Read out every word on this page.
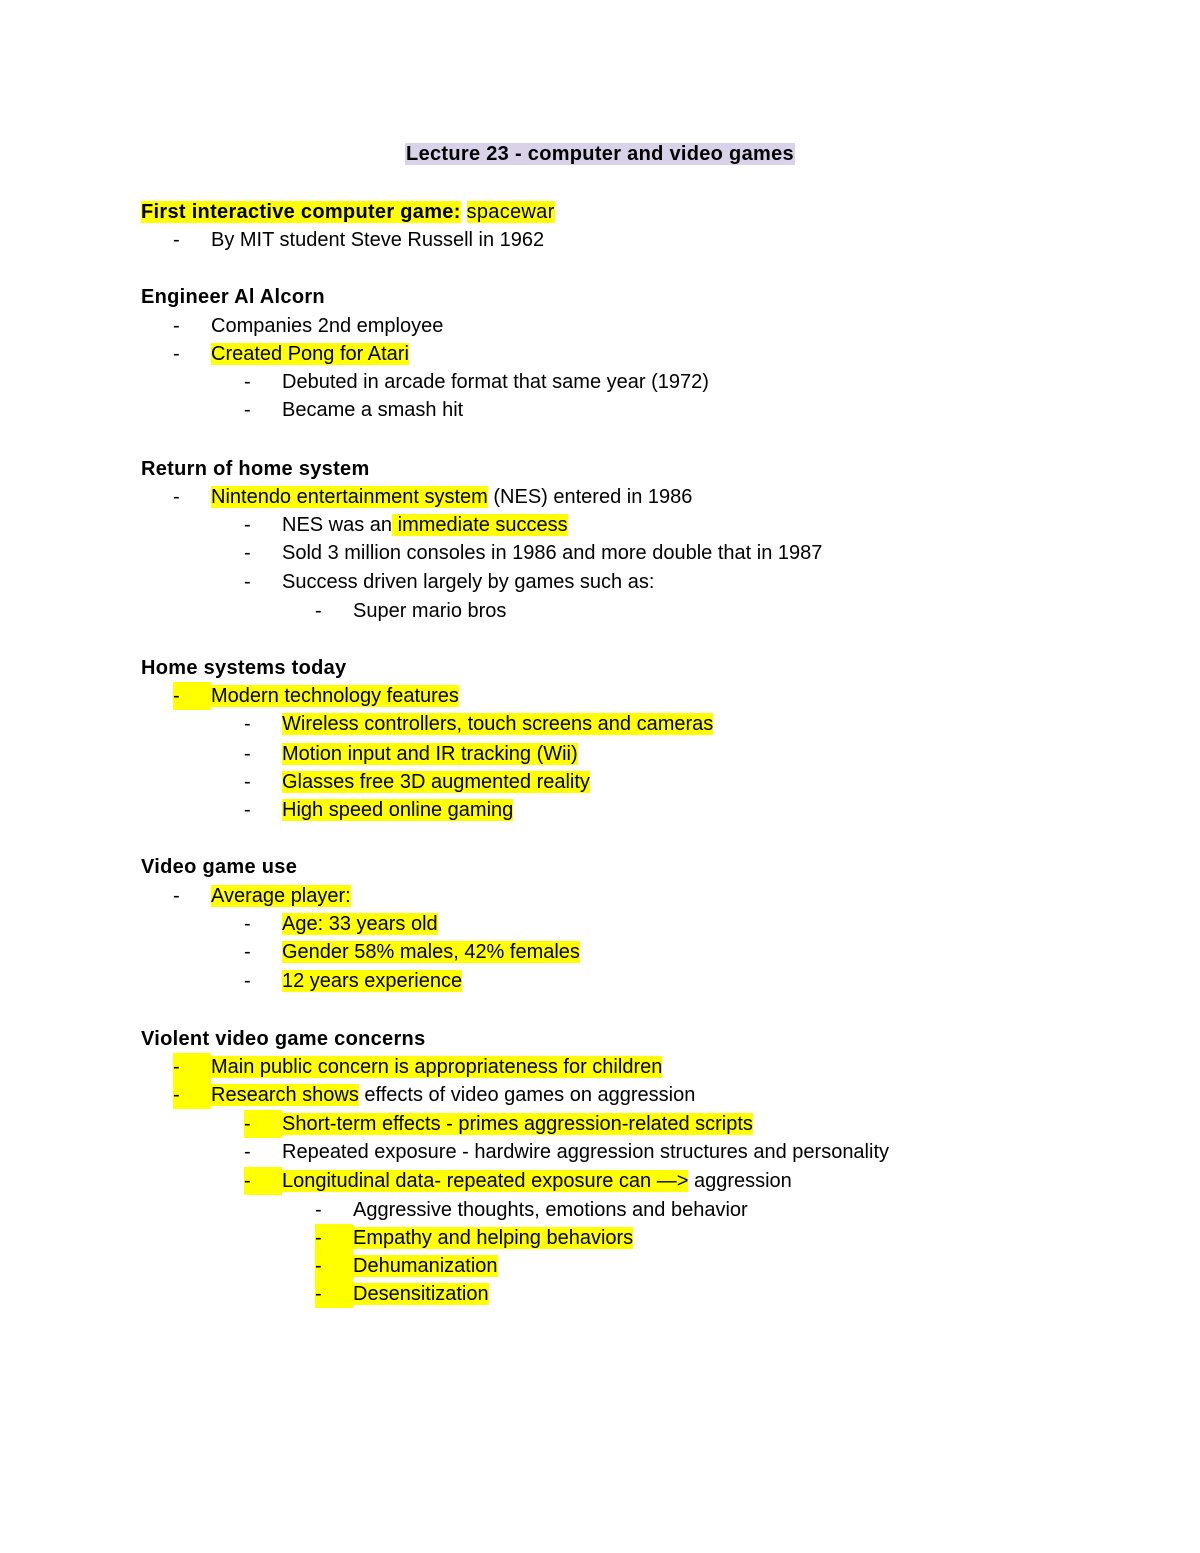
Lecture 23 - computer and video games
First interactive computer game: spacewar
- By MIT student Steve Russell in 1962
Engineer Al Alcorn
- Companies 2nd employee
- Created Pong for Atari
- Debuted in arcade format that same year (1972)
- Became a smash hit
Return of home system
- Nintendo entertainment system (NES) entered in 1986
- NES was an immediate success
- Sold 3 million consoles in 1986 and more double that in 1987
- Success driven largely by games such as:
- Super mario bros
Home systems today
- Modern technology features
- Wireless controllers, touch screens and cameras
- Motion input and IR tracking (Wii)
- Glasses free 3D augmented reality
- High speed online gaming
Video game use
- Average player:
- Age: 33 years old
- Gender 58% males, 42% females
- 12 years experience
Violent video game concerns
- Main public concern is appropriateness for children
- Research shows effects of video games on aggression
- Short-term effects - primes aggression-related scripts
- Repeated exposure - hardwire aggression structures and personality
- Longitudinal data- repeated exposure can —> aggression
- Aggressive thoughts, emotions and behavior
- Empathy and helping behaviors
- Dehumanization
- Desensitization
